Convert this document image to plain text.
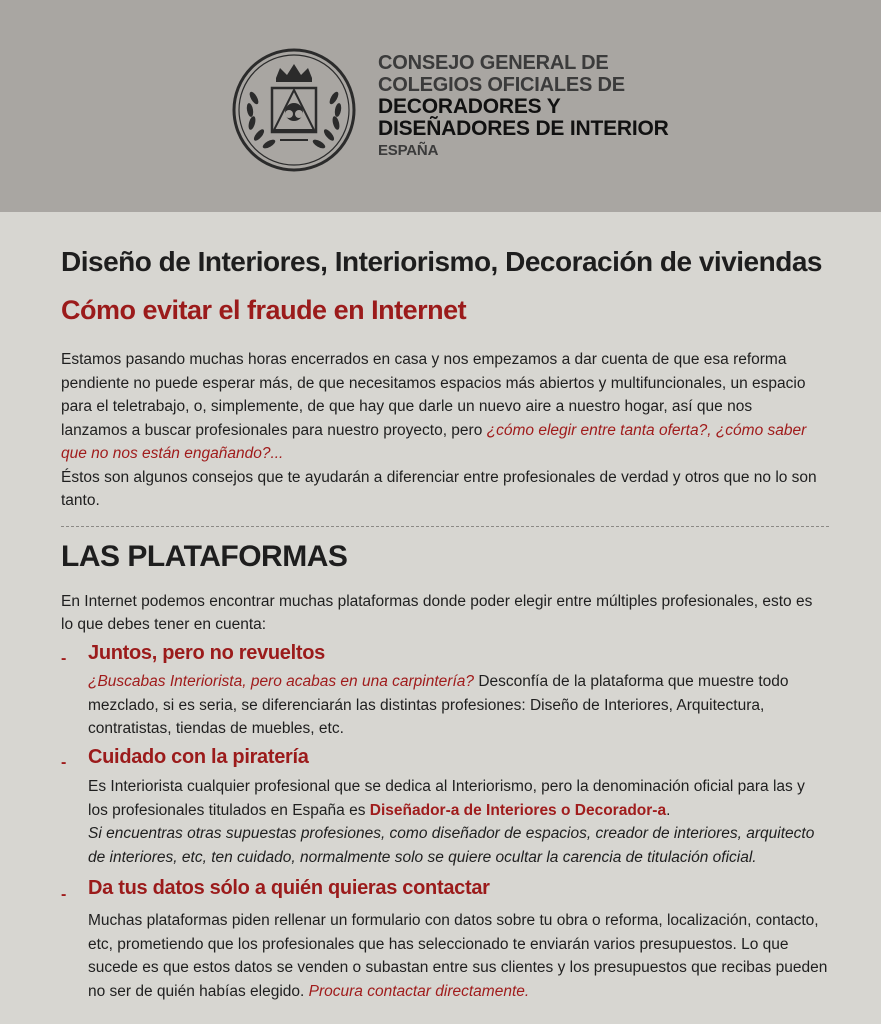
CONSEJO GENERAL DE
COLEGIOS OFICIALES DE
DECORADORES Y
DISEÑADORES DE INTERIOR
ESPAÑA
Diseño de Interiores, Interiorismo, Decoración de viviendas
Cómo evitar el fraude en Internet
Estamos pasando muchas horas encerrados en casa y nos empezamos a dar cuenta de que esa reforma pendiente no puede esperar más, de que necesitamos espacios más abiertos y multifuncionales, un espacio para el teletrabajo, o, simplemente, de que hay que darle un nuevo aire a nuestro hogar, así que nos lanzamos a buscar profesionales para nuestro proyecto, pero ¿cómo elegir entre tanta oferta?, ¿cómo saber que no nos están engañando?...
Éstos son algunos consejos que te ayudarán a diferenciar entre profesionales de verdad y otros que no lo son tanto.
LAS PLATAFORMAS
En Internet podemos encontrar muchas plataformas donde poder elegir entre múltiples profesionales, esto es lo que debes tener en cuenta:
- Juntos, pero no revueltos
¿Buscabas Interiorista, pero acabas en una carpintería? Desconfía de la plataforma que muestre todo mezclado, si es seria, se diferenciarán las distintas profesiones: Diseño de Interiores, Arquitectura, contratistas, tiendas de muebles, etc.
- Cuidado con la piratería
Es Interiorista cualquier profesional que se dedica al Interiorismo, pero la denominación oficial para las y los profesionales titulados en España es Diseñador-a de Interiores o Decorador-a.
Si encuentras otras supuestas profesiones, como diseñador de espacios, creador de interiores, arquitecto de interiores, etc, ten cuidado, normalmente solo se quiere ocultar la carencia de titulación oficial.
- Da tus datos sólo a quién quieras contactar
Muchas plataformas piden rellenar un formulario con datos sobre tu obra o reforma, localización, contacto, etc, prometiendo que los profesionales que has seleccionado te enviarán varios presupuestos. Lo que sucede es que estos datos se venden o subastan entre sus clientes y los presupuestos que recibas pueden no ser de quién habías elegido. Procura contactar directamente.
